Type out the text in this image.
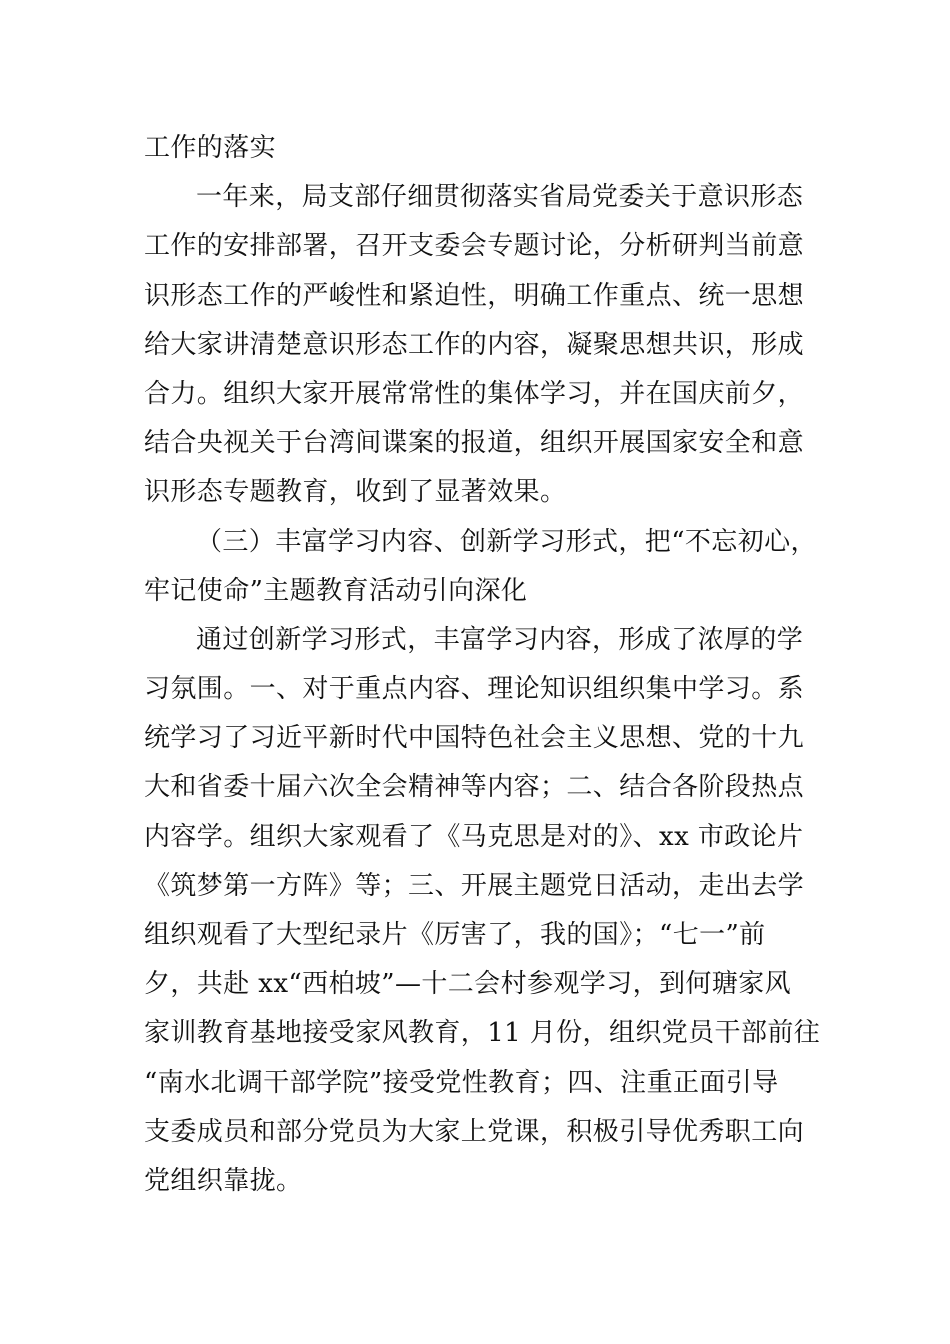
工作的落实
一年来，局支部仔细贯彻落实省局党委关于意识形态
工作的安排部署，召开支委会专题讨论，分析研判当前意
识形态工作的严峻性和紧迫性，明确工作重点、统一思想
给大家讲清楚意识形态工作的内容，凝聚思想共识，形成
合力。组织大家开展常常性的集体学习，并在国庆前夕，
结合央视关于台湾间谍案的报道，组织开展国家安全和意
识形态专题教育，收到了显著效果。
（三）丰富学习内容、创新学习形式，把“不忘初心，
牢记使命”主题教育活动引向深化
通过创新学习形式，丰富学习内容，形成了浓厚的学
习氛围。一、对于重点内容、理论知识组织集中学习。系
统学习了习近平新时代中国特色社会主义思想、党的十九
大和省委十届六次全会精神等内容；二、结合各阶段热点
内容学。组织大家观看了《马克思是对的》、xx 市政论片
《筑梦第一方阵》等；三、开展主题党日活动，走出去学
组织观看了大型纪录片《厉害了，我的国》；“七一”前
夕，共赴 xx“西柏坡”—十二会村参观学习，到何瑭家风
家训教育基地接受家风教育，11 月份，组织党员干部前往
“南水北调干部学院”接受党性教育；四、注重正面引导
支委成员和部分党员为大家上党课，积极引导优秀职工向
党组织靠拢。
